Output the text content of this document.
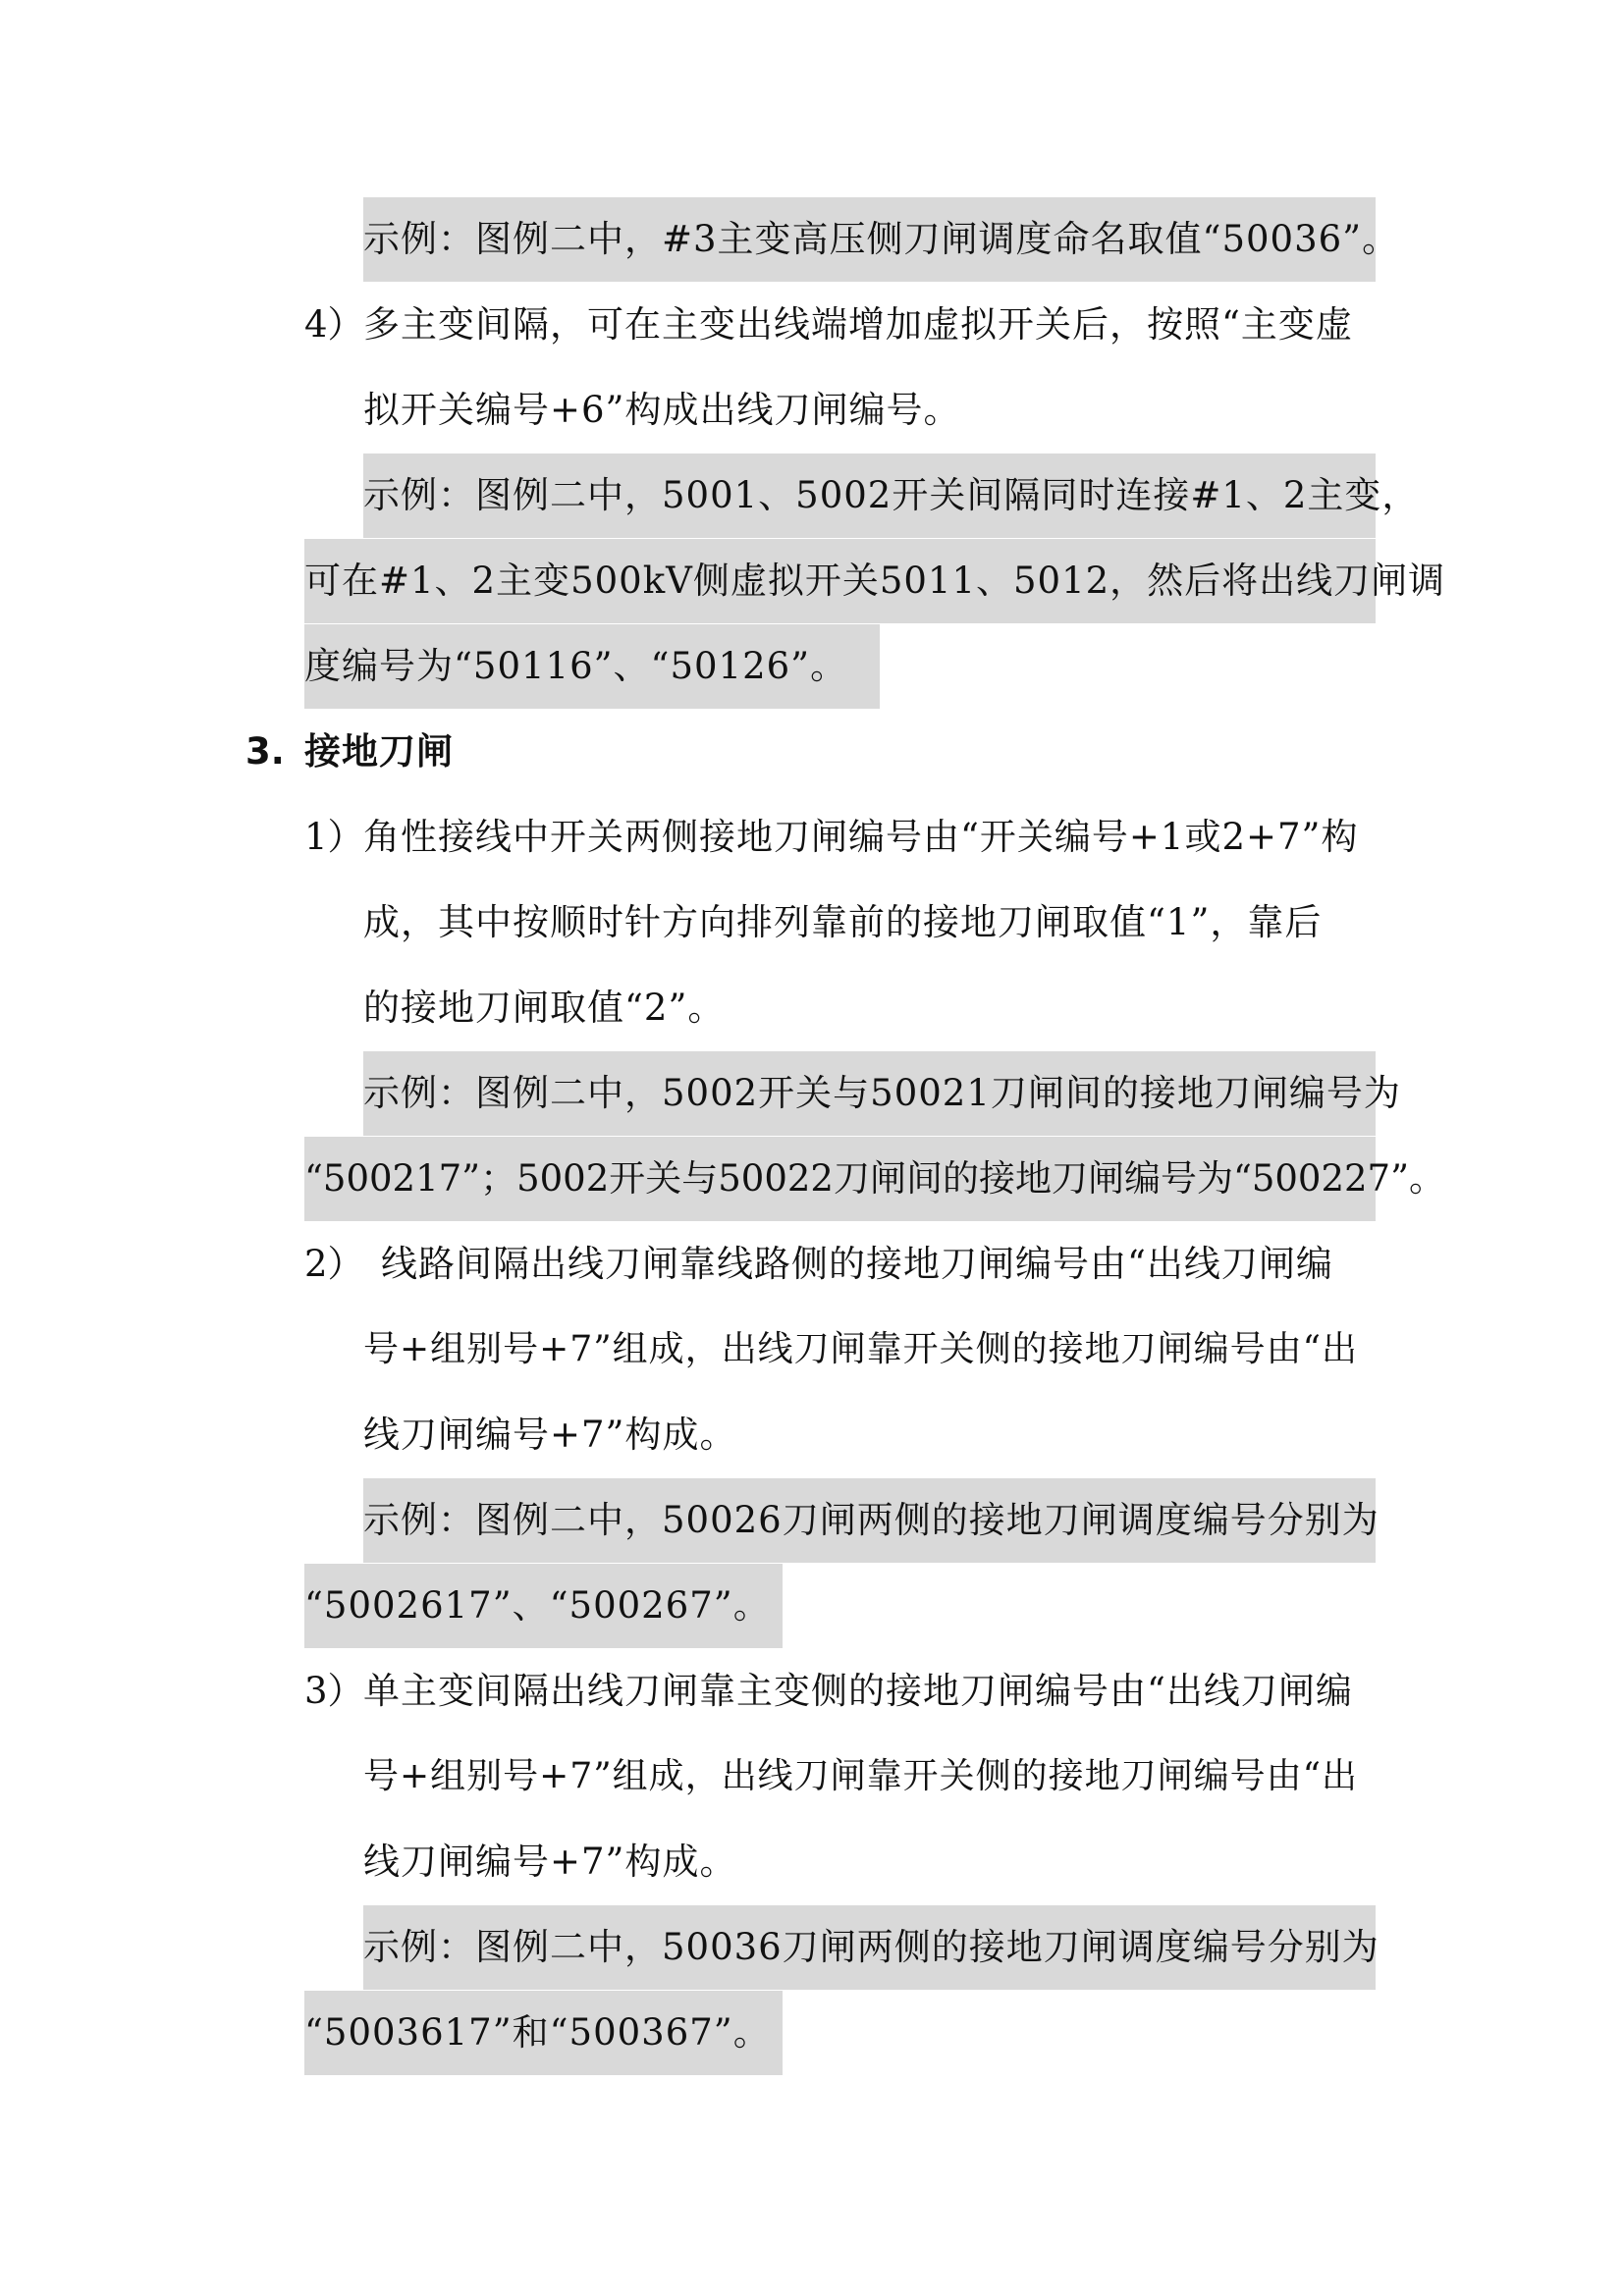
示例：图例二中，#3主变高压侧刀闸调度命名取值“50036”。
4） 多主变间隔，可在主变出线端增加虚拟开关后，按照“主变虚
拟开关编号+6”构成出线刀闸编号。
示例：图例二中，5001、5002开关间隔同时连接#1、2主变，
可在#1、2主变500kV侧虚拟开关5011、5012，然后将出线刀闸调
度编号为“50116”、“50126”。
3. 接地刀闸
1） 角性接线中开关两侧接地刀闸编号由“开关编号+1或2+7”构
成，其中按顺时针方向排列靠前的接地刀闸取值“1”，靠后
的接地刀闸取值“2”。
示例：图例二中，5002开关与50021刀闸间的接地刀闸编号为
“500217”；5002开关与50022刀闸间的接地刀闸编号为“500227”。
2） 线路间隔出线刀闸靠线路侧的接地刀闸编号由“出线刀闸编
号+组别号+7”组成，出线刀闸靠开关侧的接地刀闸编号由“出
线刀闸编号+7”构成。
示例：图例二中，50026刀闸两侧的接地刀闸调度编号分别为
“5002617”、“500267”。
3） 单主变间隔出线刀闸靠主变侧的接地刀闸编号由“出线刀闸编
号+组别号+7”组成，出线刀闸靠开关侧的接地刀闸编号由“出
线刀闸编号+7”构成。
示例：图例二中，50036刀闸两侧的接地刀闸调度编号分别为
“5003617”和“500367”。
